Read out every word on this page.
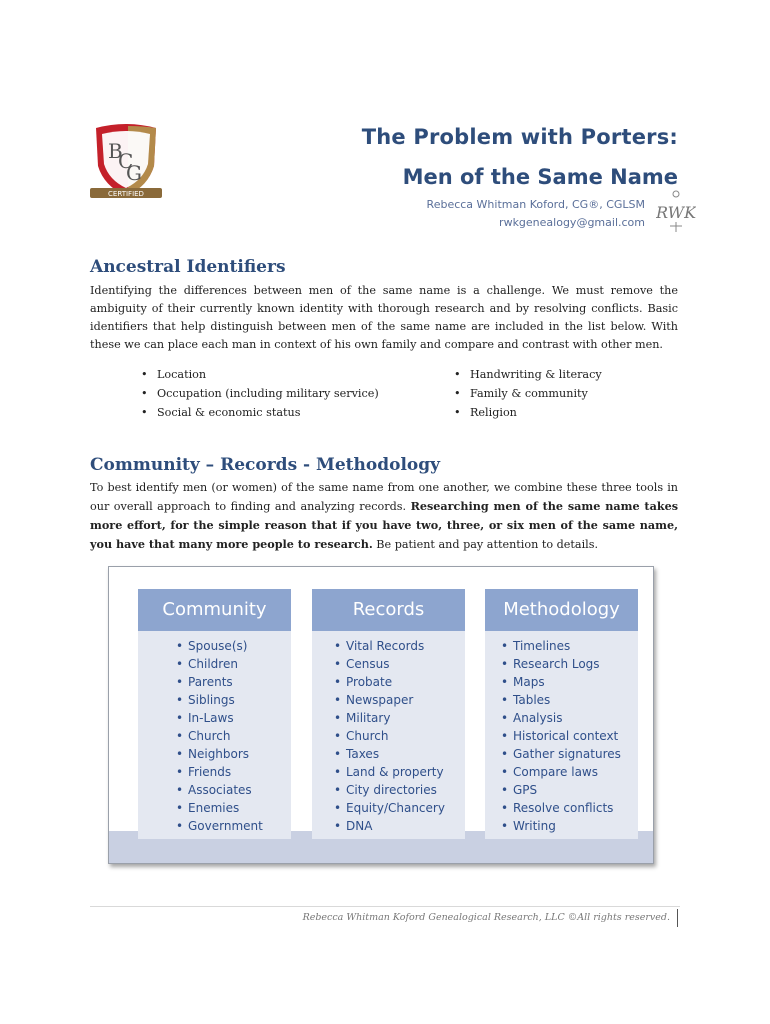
B
C
G
CERTIFIED
The Problem with Porters:
Men of the Same Name
Rebecca Whitman Koford, CG®, CGLSM
rwkgenealogy@gmail.com
RWK
Ancestral Identifiers
Identifying the differences between men of the same name is a challenge. We must remove the ambiguity of their currently known identity with thorough research and by resolving conflicts. Basic identifiers that help distinguish between men of the same name are included in the list below. With these we can place each man in context of his own family and compare and contrast with other men.
• Location
• Occupation (including military service)
• Social & economic status
• Handwriting & literacy
• Family & community
• Religion
Community – Records - Methodology
To best identify men (or women) of the same name from one another, we combine these three tools in our overall approach to finding and analyzing records. Researching men of the same name takes more effort, for the simple reason that if you have two, three, or six men of the same name, you have that many more people to research. Be patient and pay attention to details.
Community
• Spouse(s)
• Children
• Parents
• Siblings
• In-Laws
• Church
• Neighbors
• Friends
• Associates
• Enemies
• Government
Records
• Vital Records
• Census
• Probate
• Newspaper
• Military
• Church
• Taxes
• Land & property
• City directories
• Equity/Chancery
• DNA
Methodology
• Timelines
• Research Logs
• Maps
• Tables
• Analysis
• Historical context
• Gather signatures
• Compare laws
• GPS
• Resolve conflicts
• Writing
Rebecca Whitman Koford Genealogical Research, LLC ©All rights reserved.
